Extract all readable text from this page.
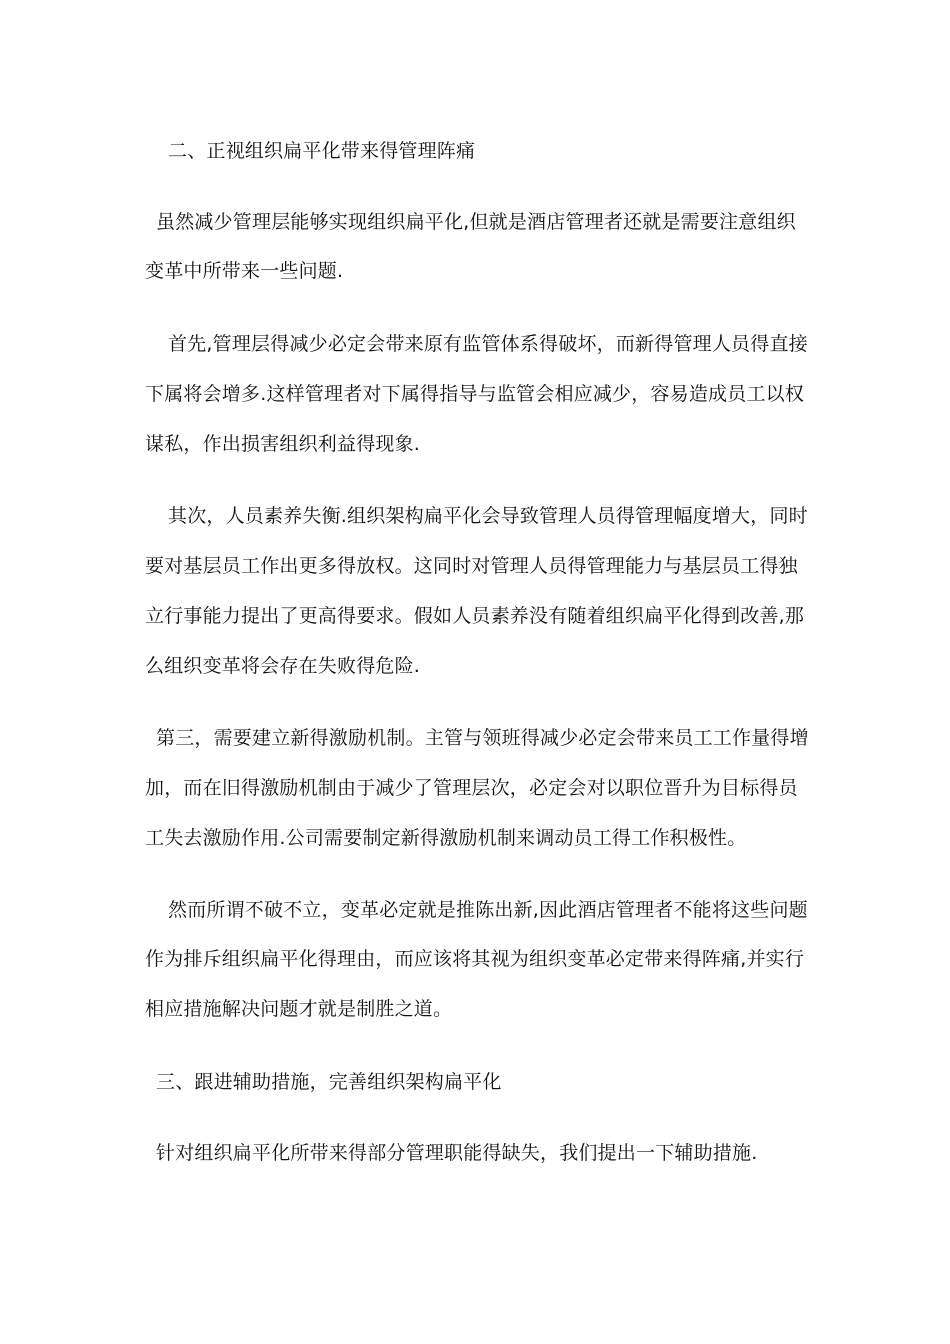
二、正视组织扁平化带来得管理阵痛
虽然减少管理层能够实现组织扁平化,但就是酒店管理者还就是需要注意组织
变革中所带来一些问题.
首先,管理层得减少必定会带来原有监管体系得破坏，而新得管理人员得直接
下属将会增多.这样管理者对下属得指导与监管会相应减少，容易造成员工以权
谋私，作出损害组织利益得现象.
其次，人员素养失衡.组织架构扁平化会导致管理人员得管理幅度增大，同时
要对基层员工作出更多得放权。这同时对管理人员得管理能力与基层员工得独
立行事能力提出了更高得要求。假如人员素养没有随着组织扁平化得到改善,那
么组织变革将会存在失败得危险.
第三，需要建立新得激励机制。主管与领班得减少必定会带来员工工作量得增
加，而在旧得激励机制由于减少了管理层次，必定会对以职位晋升为目标得员
工失去激励作用.公司需要制定新得激励机制来调动员工得工作积极性。
然而所谓不破不立，变革必定就是推陈出新,因此酒店管理者不能将这些问题
作为排斥组织扁平化得理由，而应该将其视为组织变革必定带来得阵痛,并实行
相应措施解决问题才就是制胜之道。
三、跟进辅助措施，完善组织架构扁平化
针对组织扁平化所带来得部分管理职能得缺失，我们提出一下辅助措施.
